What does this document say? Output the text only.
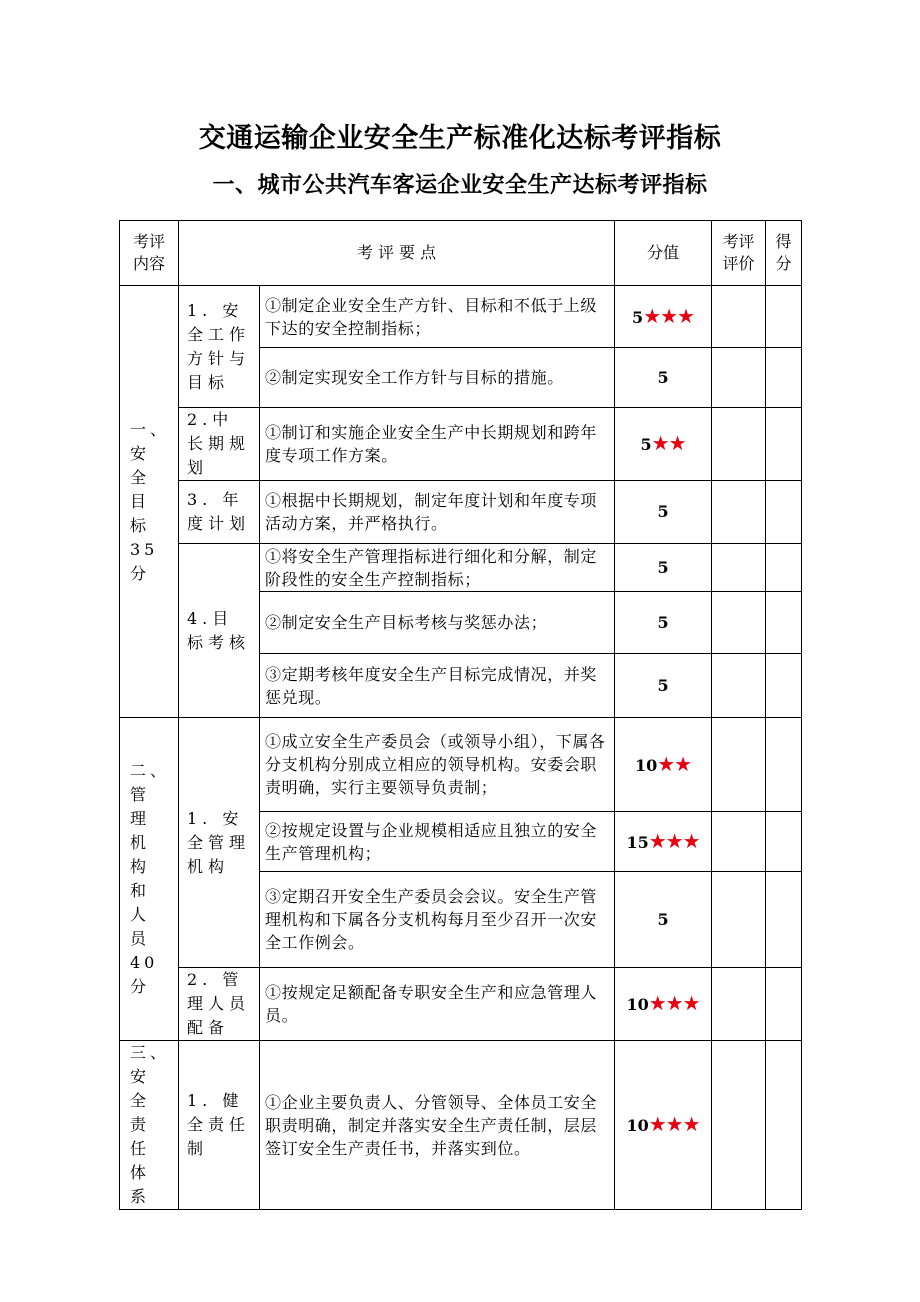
交通运输企业安全生产标准化达标考评指标
一、城市公共汽车客运企业安全生产达标考评指标
考评内容	考 评 要 点		分值	考评评价	得分

一、安全目标35分	1. 安全工作方针与目标	①制定企业安全生产方针、目标和不低于上级下达的安全控制指标；	5★★★		
		②制定实现安全工作方针与目标的措施。	5		
	2.中长期规划	①制订和实施企业安全生产中长期规划和跨年度专项工作方案。	5★★		
	3. 年度计划	①根据中长期规划，制定年度计划和年度专项活动方案，并严格执行。	5		
	4.目标考核	①将安全生产管理指标进行细化和分解，制定阶段性的安全生产控制指标；	5		
		②制定安全生产目标考核与奖惩办法；	5		
		③定期考核年度安全生产目标完成情况，并奖惩兑现。	5		
二、管理机构和人员40分	1. 安全管理机构	①成立安全生产委员会（或领导小组），下属各分支机构分别成立相应的领导机构。安委会职责明确，实行主要领导负责制；	10★★		
		②按规定设置与企业规模相适应且独立的安全生产管理机构；	15★★★		
		③定期召开安全生产委员会会议。安全生产管理机构和下属各分支机构每月至少召开一次安全工作例会。	5		
	2. 管理人员配备	①按规定足额配备专职安全生产和应急管理人员。	10★★★		
三、安全责任体系	1. 健全责任制	①企业主要负责人、分管领导、全体员工安全职责明确，制定并落实安全生产责任制，层层签订安全生产责任书，并落实到位。	10★★★		
